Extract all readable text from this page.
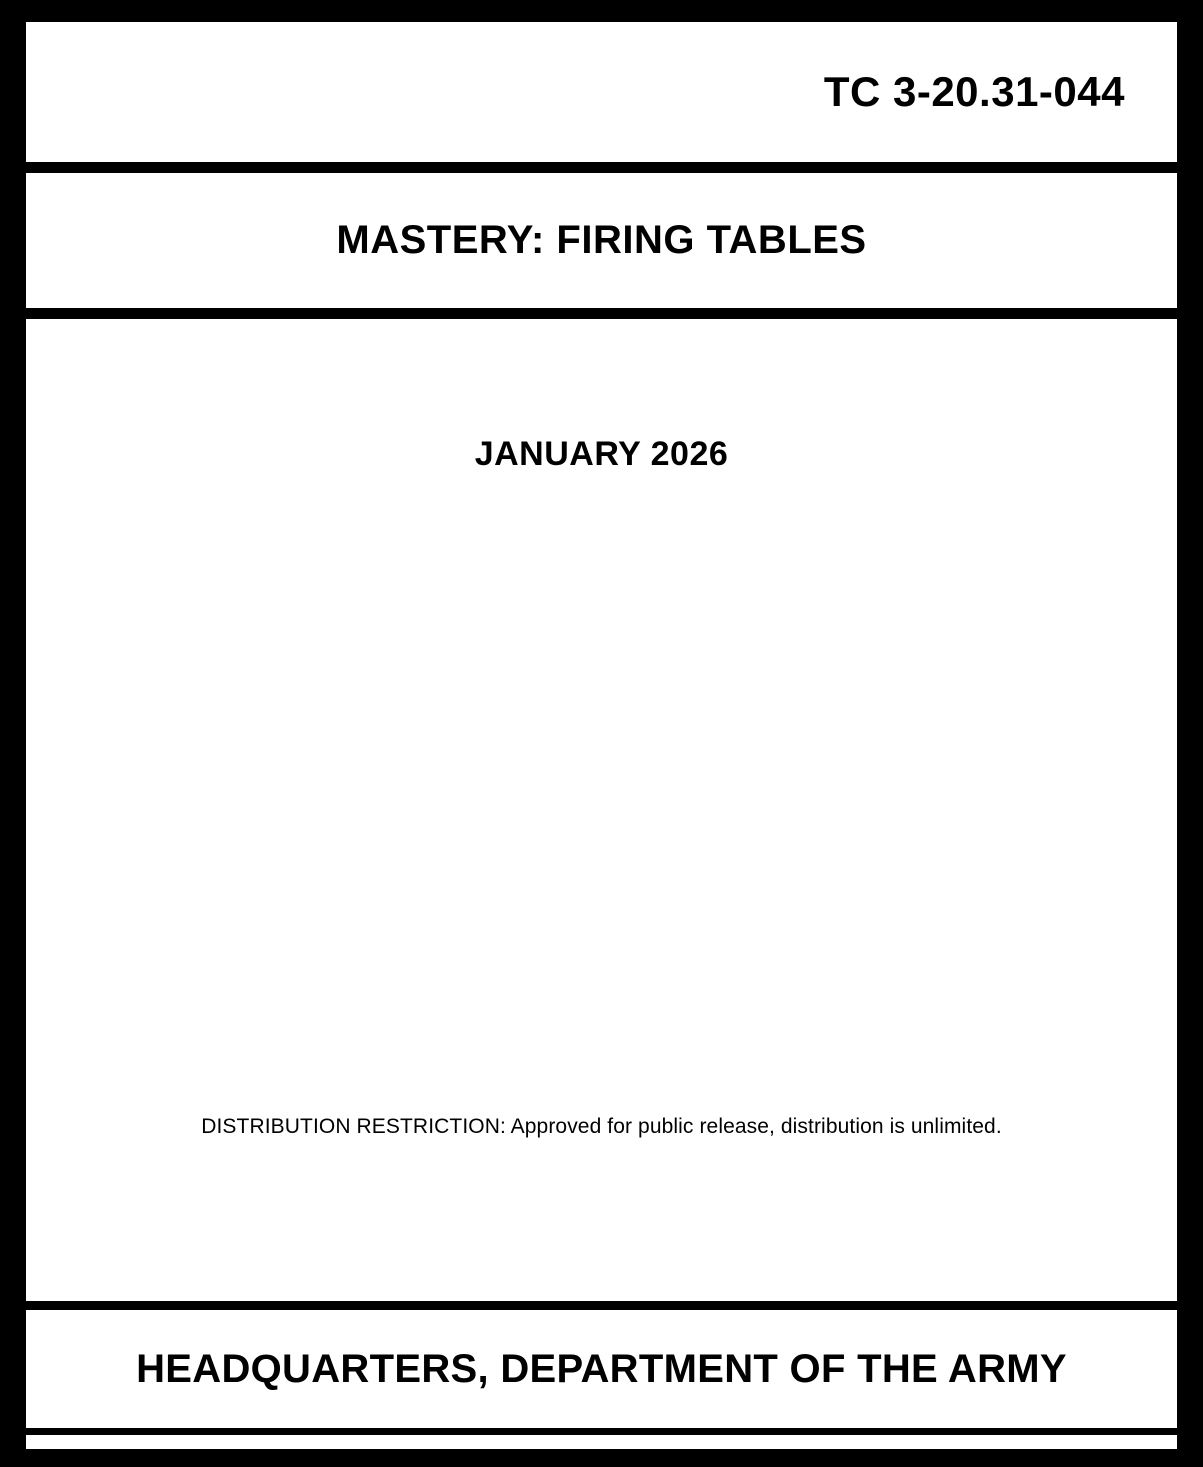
TC 3-20.31-044
MASTERY: FIRING TABLES
JANUARY 2026
DISTRIBUTION RESTRICTION: Approved for public release, distribution is unlimited.
HEADQUARTERS, DEPARTMENT OF THE ARMY
